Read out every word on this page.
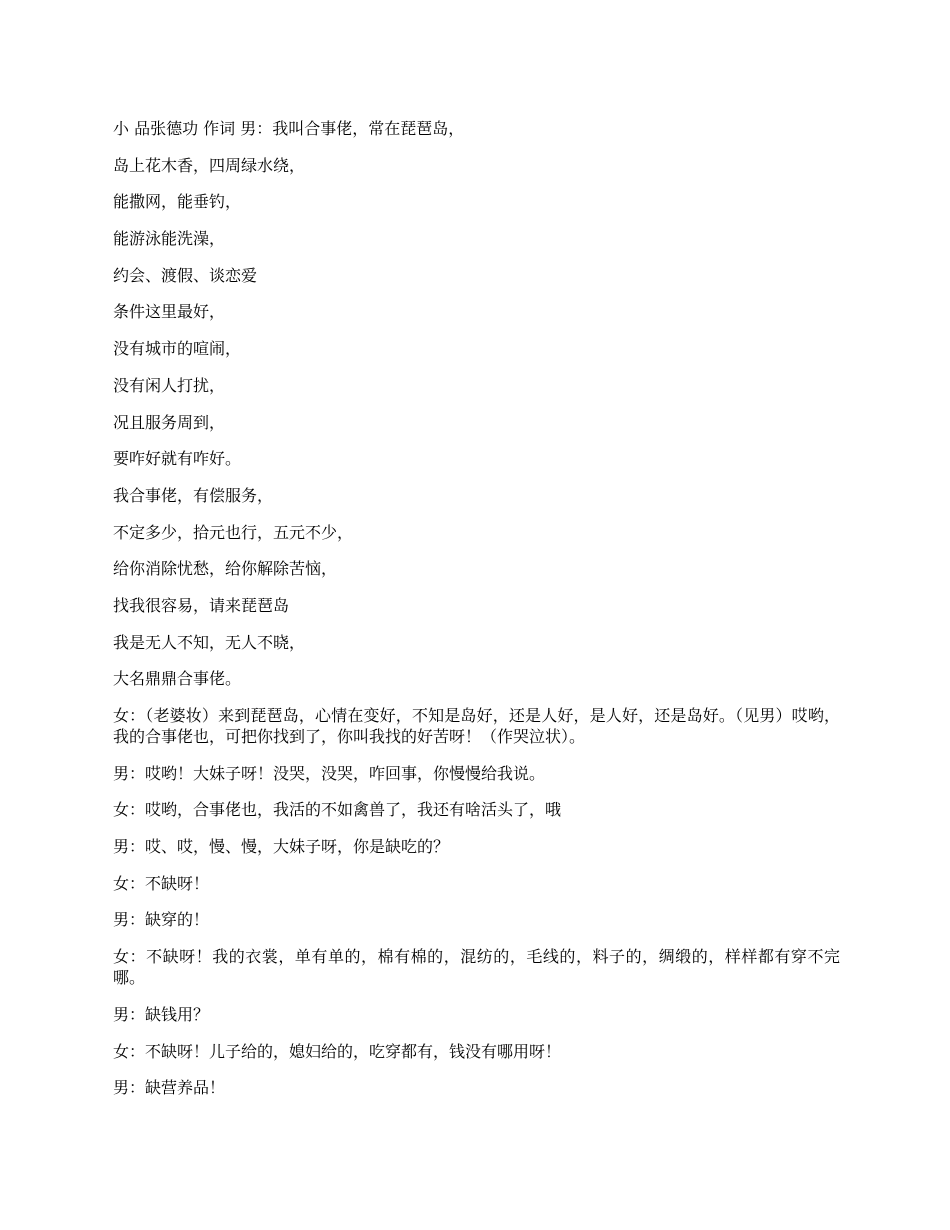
小 品张德功 作词 男：我叫合事佬，常在琵琶岛，

岛上花木香，四周绿水绕，

能撒网，能垂钓，

能游泳能洗澡，

约会、渡假、谈恋爱

条件这里最好，

没有城市的喧闹，

没有闲人打扰，

况且服务周到，

要咋好就有咋好。

我合事佬，有偿服务，

不定多少，拾元也行，五元不少，

给你消除忧愁，给你解除苦恼，

找我很容易，请来琵琶岛

我是无人不知，无人不晓，

大名鼎鼎合事佬。

女：（老婆妆）来到琵琶岛，心情在变好，不知是岛好，还是人好，是人好，还是岛好。（见男）哎哟，我的合事佬也，可把你找到了，你叫我找的好苦呀！（作哭泣状）。

男：哎哟！大妹子呀！没哭，没哭，咋回事，你慢慢给我说。

女：哎哟，合事佬也，我活的不如禽兽了，我还有啥活头了，哦

男：哎、哎，慢、慢，大妹子呀，你是缺吃的？

女：不缺呀！

男：缺穿的！

女：不缺呀！我的衣裳，单有单的，棉有棉的，混纺的，毛线的，料子的，绸缎的，样样都有穿不完哪。

男：缺钱用？

女：不缺呀！儿子给的，媳妇给的，吃穿都有，钱没有哪用呀！

男：缺营养品！
